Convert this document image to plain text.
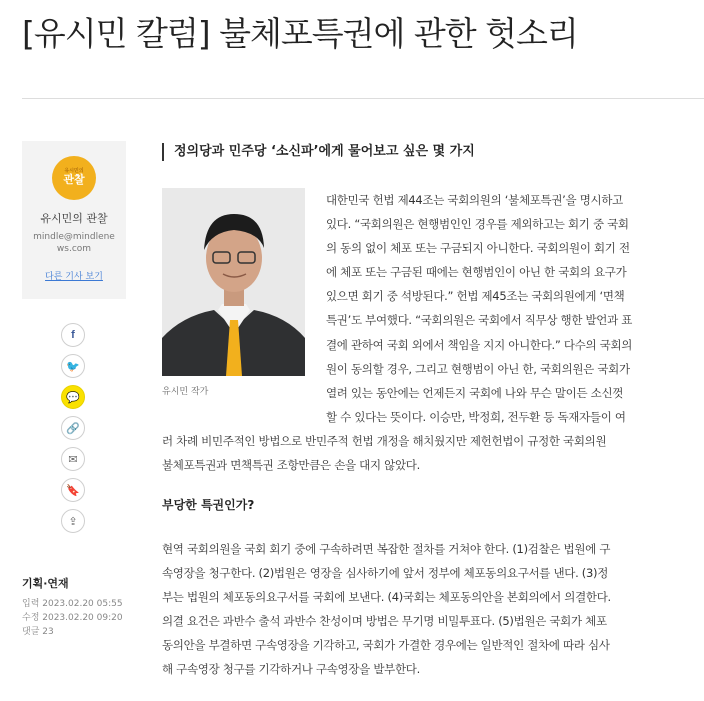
[유시민 칼럼] 불체포특권에 관한 헛소리
유시민의
관찰
유시민의 관찰
mindle@mindlenews.com
다른 기사 보기
f
🐦
💬
🔗
✉
🔖
⇪
기획·연재
입력 2023.02.20 05:55
수정 2023.02.20 09:20
댓글 23
정의당과 민주당 ‘소신파’에게 물어보고 싶은 몇 가지
유시민 작가
대한민국 헌법 제44조는 국회의원의 ‘불체포특권’을 명시하고
있다. “국회의원은 현행범인인 경우를 제외하고는 회기 중 국회
의 동의 없이 체포 또는 구금되지 아니한다. 국회의원이 회기 전
에 체포 또는 구금된 때에는 현행범인이 아닌 한 국회의 요구가
있으면 회기 중 석방된다.” 헌법 제45조는 국회의원에게 ‘면책
특권’도 부여했다. “국회의원은 국회에서 직무상 행한 발언과 표
결에 관하여 국회 외에서 책임을 지지 아니한다.” 다수의 국회의
원이 동의할 경우, 그리고 현행범이 아닌 한, 국회의원은 국회가
열려 있는 동안에는 언제든지 국회에 나와 무슨 말이든 소신껏
할 수 있다는 뜻이다. 이승만, 박정희, 전두환 등 독재자들이 여
러 차례 비민주적인 방법으로 반민주적 헌법 개정을 해치웠지만 제헌헌법이 규정한 국회의원
불체포특권과 면책특권 조항만큼은 손을 대지 않았다.
부당한 특권인가?
현역 국회의원을 국회 회기 중에 구속하려면 복잡한 절차를 거쳐야 한다. (1)검찰은 법원에 구
속영장을 청구한다. (2)법원은 영장을 심사하기에 앞서 정부에 체포동의요구서를 낸다. (3)정
부는 법원의 체포동의요구서를 국회에 보낸다. (4)국회는 체포동의안을 본회의에서 의결한다.
의결 요건은 과반수 출석 과반수 찬성이며 방법은 무기명 비밀투표다. (5)법원은 국회가 체포
동의안을 부결하면 구속영장을 기각하고, 국회가 가결한 경우에는 일반적인 절차에 따라 심사
해 구속영장 청구를 기각하거나 구속영장을 발부한다.
